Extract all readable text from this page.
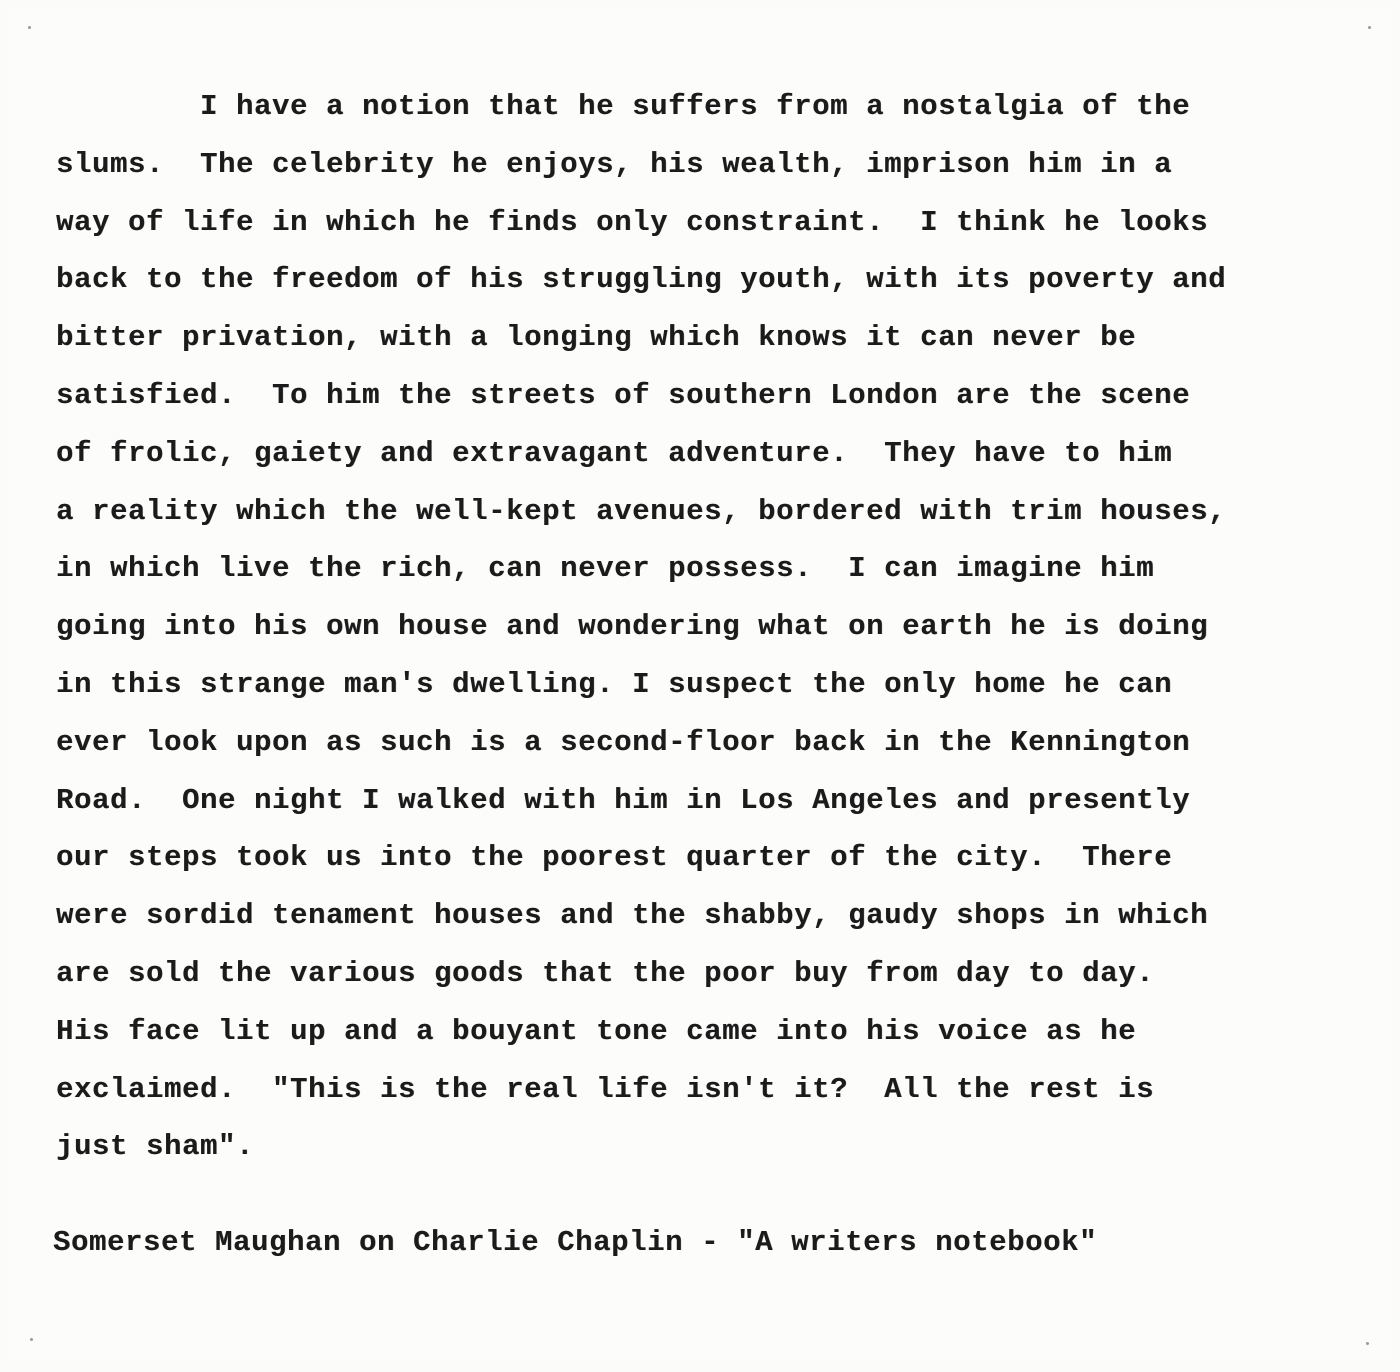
I have a notion that he suffers from a nostalgia of the
slums.  The celebrity he enjoys, his wealth, imprison him in a
way of life in which he finds only constraint.  I think he looks
back to the freedom of his struggling youth, with its poverty and
bitter privation, with a longing which knows it can never be
satisfied.  To him the streets of southern London are the scene
of frolic, gaiety and extravagant adventure.  They have to him
a reality which the well-kept avenues, bordered with trim houses,
in which live the rich, can never possess.  I can imagine him
going into his own house and wondering what on earth he is doing
in this strange man's dwelling. I suspect the only home he can
ever look upon as such is a second-floor back in the Kennington
Road.  One night I walked with him in Los Angeles and presently
our steps took us into the poorest quarter of the city.  There
were sordid tenament houses and the shabby, gaudy shops in which
are sold the various goods that the poor buy from day to day.
His face lit up and a bouyant tone came into his voice as he
exclaimed.  "This is the real life isn't it?  All the rest is
just sham".
Somerset Maughan on Charlie Chaplin - "A writers notebook"
